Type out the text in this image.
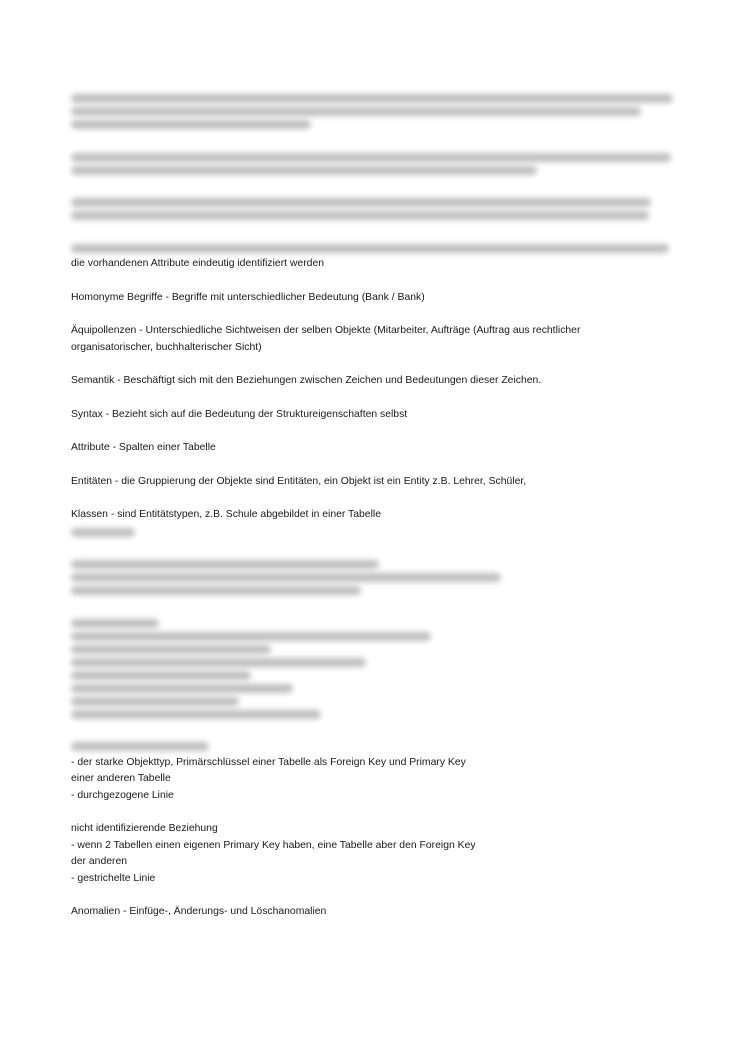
die vorhandenen Attribute eindeutig identifiziert werden
Homonyme Begriffe - Begriffe mit unterschiedlicher Bedeutung (Bank / Bank)
Äquipollenzen - Unterschiedliche Sichtweisen der selben Objekte (Mitarbeiter, Aufträge (Auftrag aus rechtlicher
organisatorischer, buchhalterischer Sicht)
Semantik - Beschäftigt sich mit den Beziehungen zwischen Zeichen und Bedeutungen dieser Zeichen.
Syntax - Bezieht sich auf die Bedeutung der Struktureigenschaften selbst
Attribute - Spalten einer Tabelle
Entitäten - die Gruppierung der Objekte sind Entitäten, ein Objekt ist ein Entity z.B. Lehrer, Schüler,
Klassen - sind Entitätstypen, z.B. Schule abgebildet in einer Tabelle
- der starke Objekttyp, Primärschlüssel einer Tabelle als Foreign Key und Primary Key
einer anderen Tabelle
- durchgezogene Linie
nicht identifizierende Beziehung
- wenn 2 Tabellen einen eigenen Primary Key haben, eine Tabelle aber den Foreign Key
der anderen
- gestrichelte Linie
Anomalien - Einfüge-, Änderungs- und Löschanomalien
